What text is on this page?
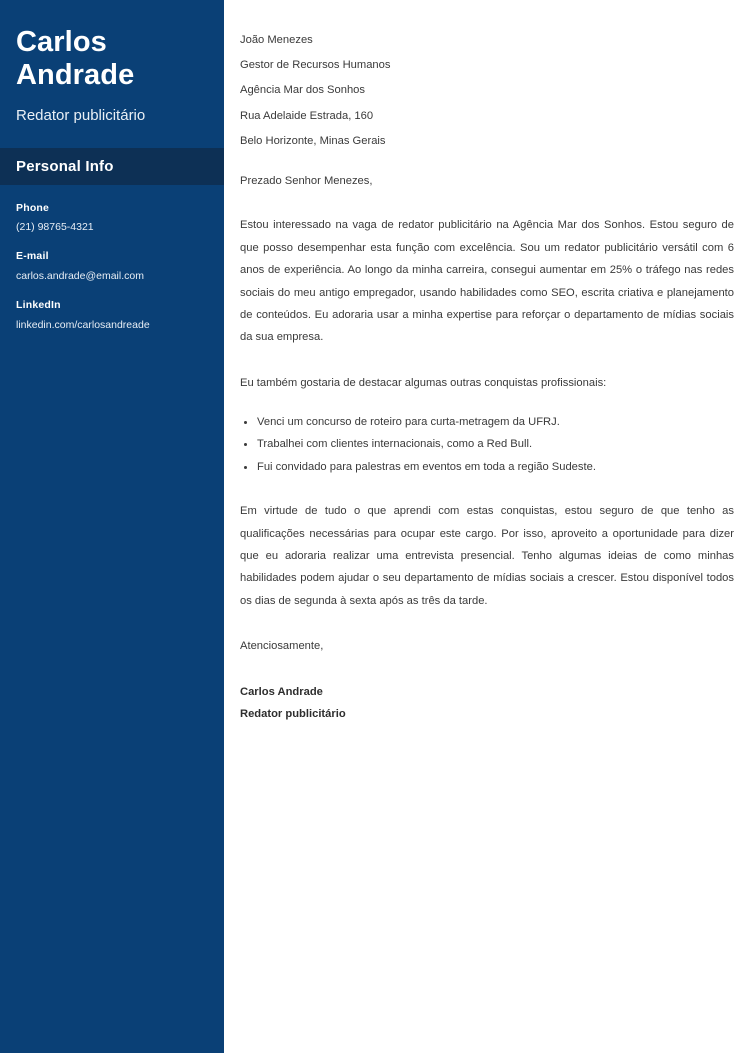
Carlos
Andrade
Redator publicitário
Personal Info
Phone
(21) 98765-4321
E-mail
carlos.andrade@email.com
LinkedIn
linkedin.com/carlosandreade
João Menezes
Gestor de Recursos Humanos
Agência Mar dos Sonhos
Rua Adelaide Estrada, 160
Belo Horizonte, Minas Gerais
Prezado Senhor Menezes,

Estou interessado na vaga de redator publicitário na Agência Mar dos Sonhos. Estou seguro de que posso desempenhar esta função com excelência. Sou um redator publicitário versátil com 6 anos de experiência. Ao longo da minha carreira, consegui aumentar em 25% o tráfego nas redes sociais do meu antigo empregador, usando habilidades como SEO, escrita criativa e planejamento de conteúdos. Eu adoraria usar a minha expertise para reforçar o departamento de mídias sociais da sua empresa.

Eu também gostaria de destacar algumas outras conquistas profissionais:
Venci um concurso de roteiro para curta-metragem da UFRJ.
Trabalhei com clientes internacionais, como a Red Bull.
Fui convidado para palestras em eventos em toda a região Sudeste.

Em virtude de tudo o que aprendi com estas conquistas, estou seguro de que tenho as qualificações necessárias para ocupar este cargo. Por isso, aproveito a oportunidade para dizer que eu adoraria realizar uma entrevista presencial. Tenho algumas ideias de como minhas habilidades podem ajudar o seu departamento de mídias sociais a crescer. Estou disponível todos os dias de segunda à sexta após as três da tarde.

Atenciosamente,
Carlos Andrade
Redator publicitário
